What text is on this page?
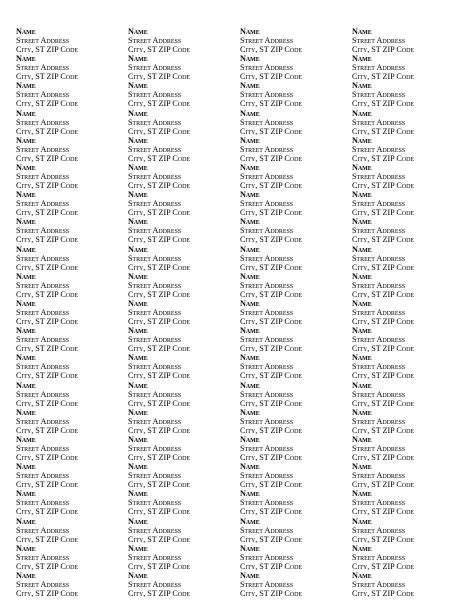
Name
Street Address
City, ST ZIP Code
Name
Street Address
City, ST ZIP Code
Name
Street Address
City, ST ZIP Code
Name
Street Address
City, ST ZIP Code
Name
Street Address
City, ST ZIP Code
Name
Street Address
City, ST ZIP Code
Name
Street Address
City, ST ZIP Code
Name
Street Address
City, ST ZIP Code
Name
Street Address
City, ST ZIP Code
Name
Street Address
City, ST ZIP Code
Name
Street Address
City, ST ZIP Code
Name
Street Address
City, ST ZIP Code
Name
Street Address
City, ST ZIP Code
Name
Street Address
City, ST ZIP Code
Name
Street Address
City, ST ZIP Code
Name
Street Address
City, ST ZIP Code
Name
Street Address
City, ST ZIP Code
Name
Street Address
City, ST ZIP Code
Name
Street Address
City, ST ZIP Code
Name
Street Address
City, ST ZIP Code
Name
Street Address
City, ST ZIP Code
Name
Street Address
City, ST ZIP Code
Name
Street Address
City, ST ZIP Code
Name
Street Address
City, ST ZIP Code
Name
Street Address
City, ST ZIP Code
Name
Street Address
City, ST ZIP Code
Name
Street Address
City, ST ZIP Code
Name
Street Address
City, ST ZIP Code
Name
Street Address
City, ST ZIP Code
Name
Street Address
City, ST ZIP Code
Name
Street Address
City, ST ZIP Code
Name
Street Address
City, ST ZIP Code
Name
Street Address
City, ST ZIP Code
Name
Street Address
City, ST ZIP Code
Name
Street Address
City, ST ZIP Code
Name
Street Address
City, ST ZIP Code
Name
Street Address
City, ST ZIP Code
Name
Street Address
City, ST ZIP Code
Name
Street Address
City, ST ZIP Code
Name
Street Address
City, ST ZIP Code
Name
Street Address
City, ST ZIP Code
Name
Street Address
City, ST ZIP Code
Name
Street Address
City, ST ZIP Code
Name
Street Address
City, ST ZIP Code
Name
Street Address
City, ST ZIP Code
Name
Street Address
City, ST ZIP Code
Name
Street Address
City, ST ZIP Code
Name
Street Address
City, ST ZIP Code
Name
Street Address
City, ST ZIP Code
Name
Street Address
City, ST ZIP Code
Name
Street Address
City, ST ZIP Code
Name
Street Address
City, ST ZIP Code
Name
Street Address
City, ST ZIP Code
Name
Street Address
City, ST ZIP Code
Name
Street Address
City, ST ZIP Code
Name
Street Address
City, ST ZIP Code
Name
Street Address
City, ST ZIP Code
Name
Street Address
City, ST ZIP Code
Name
Street Address
City, ST ZIP Code
Name
Street Address
City, ST ZIP Code
Name
Street Address
City, ST ZIP Code
Name
Street Address
City, ST ZIP Code
Name
Street Address
City, ST ZIP Code
Name
Street Address
City, ST ZIP Code
Name
Street Address
City, ST ZIP Code
Name
Street Address
City, ST ZIP Code
Name
Street Address
City, ST ZIP Code
Name
Street Address
City, ST ZIP Code
Name
Street Address
City, ST ZIP Code
Name
Street Address
City, ST ZIP Code
Name
Street Address
City, ST ZIP Code
Name
Street Address
City, ST ZIP Code
Name
Street Address
City, ST ZIP Code
Name
Street Address
City, ST ZIP Code
Name
Street Address
City, ST ZIP Code
Name
Street Address
City, ST ZIP Code
Name
Street Address
City, ST ZIP Code
Name
Street Address
City, ST ZIP Code
Name
Street Address
City, ST ZIP Code
Name
Street Address
City, ST ZIP Code
Name
Street Address
City, ST ZIP Code
Name
Street Address
City, ST ZIP Code
Name
Street Address
City, ST ZIP Code
Name
Street Address
City, ST ZIP Code
